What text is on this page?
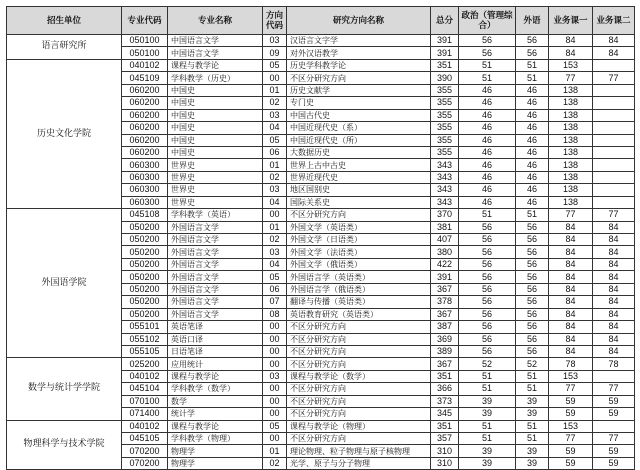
招生单位	专业代码	专业名称	方向代码	研究方向名称	总分	政治（管理综合）	外语	业务课一	业务课二
语言研究所	050100	中国语言文学	03	汉语言文字学	391	56	56	84	84
	050100	中国语言文学	09	对外汉语教学	391	56	56	84	84
历史文化学院	040102	课程与教学论	05	历史学科教学论	351	51	51	153	
	045109	学科教学（历史）	00	不区分研究方向	390	51	51	77	77
	060200	中国史	01	历史文献学	355	46	46	138	
	060200	中国史	02	专门史	355	46	46	138	
	060200	中国史	03	中国古代史	355	46	46	138	
	060200	中国史	04	中国近现代史（系）	355	46	46	138	
	060200	中国史	05	中国近现代史（所）	355	46	46	138	
	060200	中国史	06	大数据历史	355	46	46	138	
	060300	世界史	01	世界上古中古史	343	46	46	138	
	060300	世界史	02	世界近现代史	343	46	46	138	
	060300	世界史	03	地区国别史	343	46	46	138	
	060300	世界史	04	国际关系史	343	46	46	138	
外国语学院	045108	学科教学（英语）	00	不区分研究方向	370	51	51	77	77
	050200	外国语言文学	01	外国文学（英语类）	381	56	56	84	84
	050200	外国语言文学	02	外国文学（日语类）	407	56	56	84	84
	050200	外国语言文学	03	外国文学（法语类）	380	56	56	84	84
	050200	外国语言文学	04	外国文学（俄语类）	422	56	56	84	84
	050200	外国语言文学	05	外国语言学（英语类）	391	56	56	84	84
	050200	外国语言文学	06	外国语言学（俄语类）	367	56	56	84	84
	050200	外国语言文学	07	翻译与传播（英语类）	378	56	56	84	84
	050200	外国语言文学	08	英语教育研究（英语类）	367	56	56	84	84
	055101	英语笔译	00	不区分研究方向	387	56	56	84	84
	055102	英语口译	00	不区分研究方向	369	56	56	84	84
	055105	日语笔译	00	不区分研究方向	389	56	56	84	84
数学与统计学学院	025200	应用统计	00	不区分研究方向	367	52	52	78	78
	040102	课程与教学论	03	课程与教学论（数学）	351	51	51	153	
	045104	学科教学（数学）	00	不区分研究方向	366	51	51	77	77
	070100	数学	00	不区分研究方向	373	39	39	59	59
	071400	统计学	00	不区分研究方向	345	39	39	59	59
物理科学与技术学院	040102	课程与教学论	05	课程与教学论（物理）	351	51	51	153	
	045105	学科教学（物理）	00	不区分研究方向	357	51	51	77	77
	070200	物理学	01	理论物理、粒子物理与原子核物理	310	39	39	59	59
	070200	物理学	02	光学、原子与分子物理	310	39	39	59	59
